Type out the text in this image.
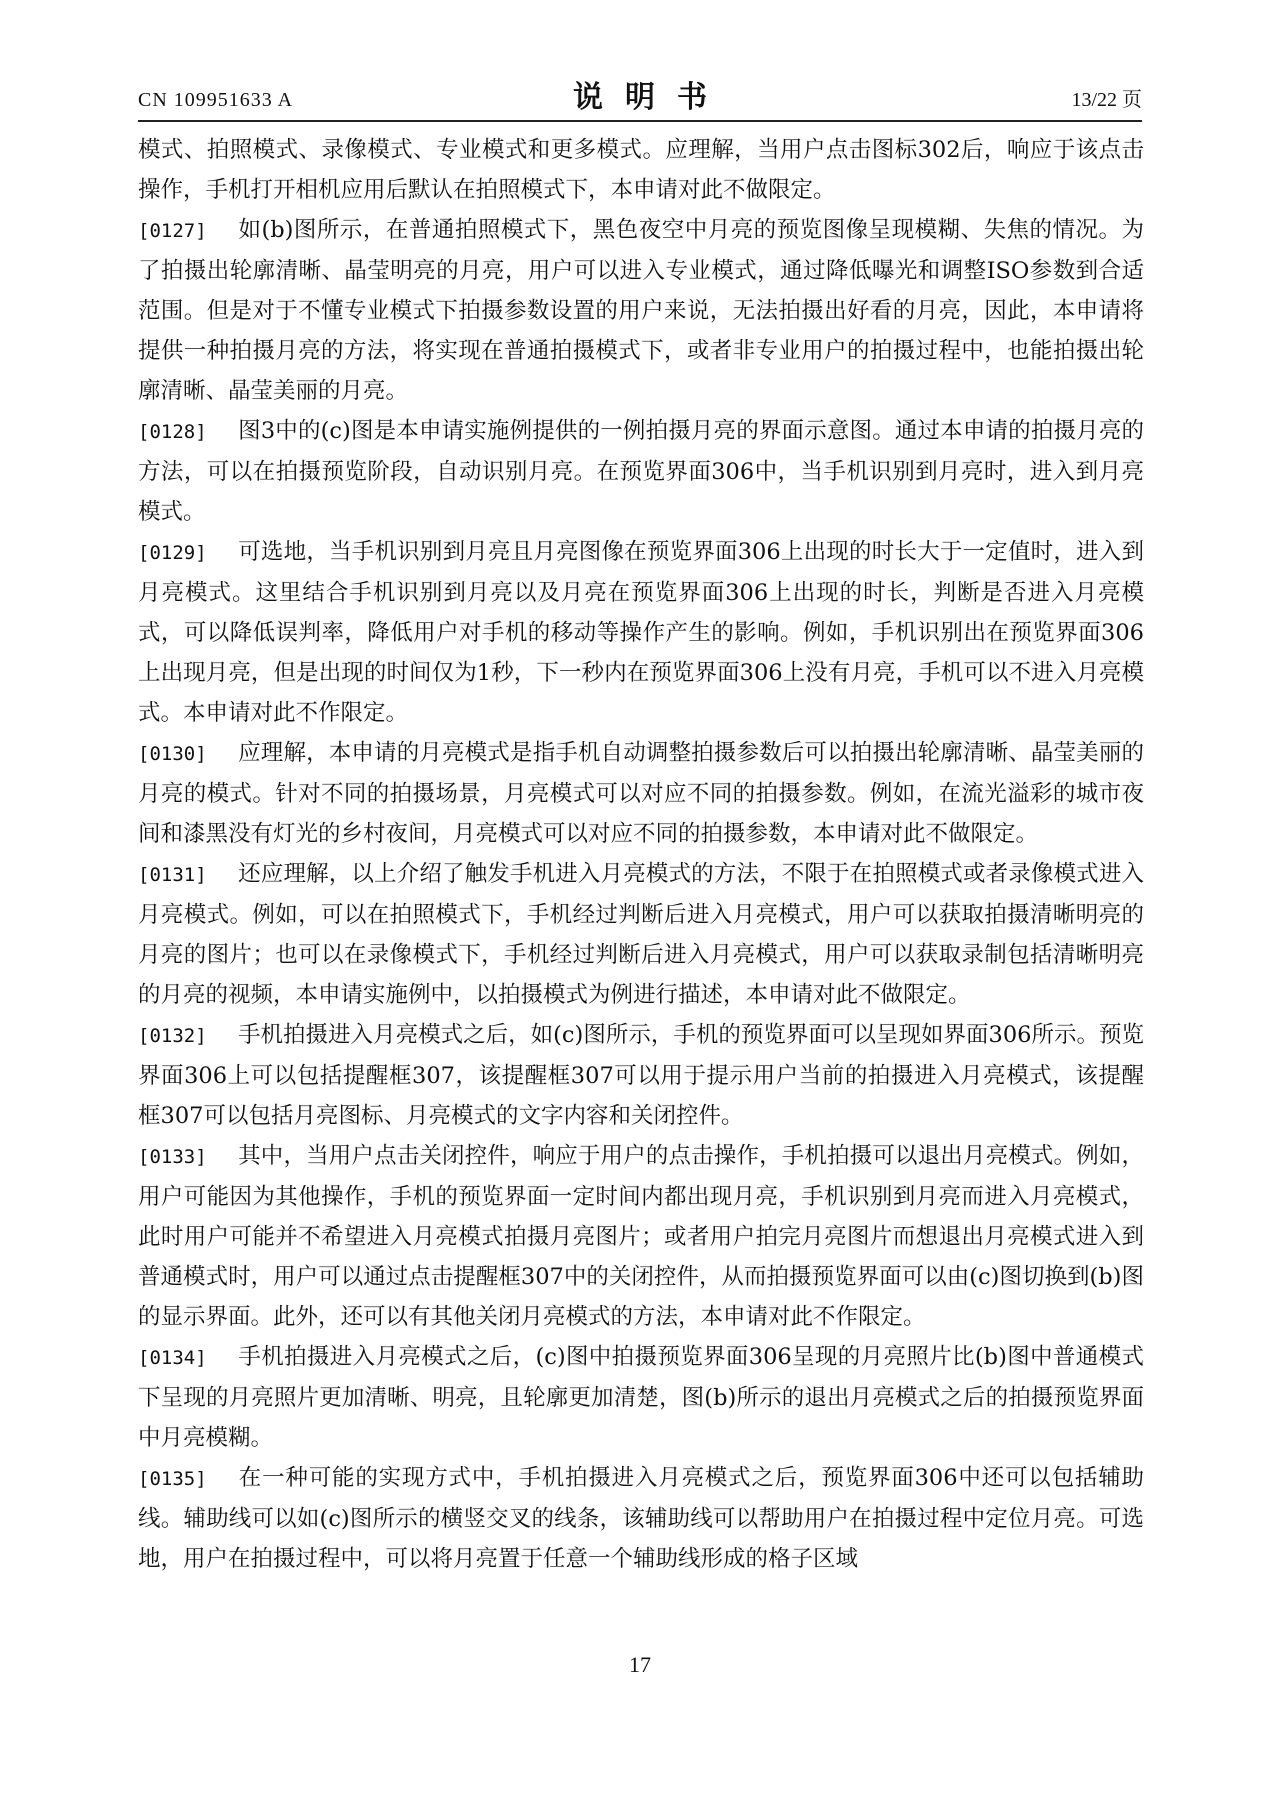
CN 109951633 A	说明书	13/22 页

模式、拍照模式、录像模式、专业模式和更多模式。应理解，当用户点击图标302后，响应于该点击操作，手机打开相机应用后默认在拍照模式下，本申请对此不做限定。

[0127] 如(b)图所示，在普通拍照模式下，黑色夜空中月亮的预览图像呈现模糊、失焦的情况。为了拍摄出轮廓清晰、晶莹明亮的月亮，用户可以进入专业模式，通过降低曝光和调整ISO参数到合适范围。但是对于不懂专业模式下拍摄参数设置的用户来说，无法拍摄出好看的月亮，因此，本申请将提供一种拍摄月亮的方法，将实现在普通拍摄模式下，或者非专业用户的拍摄过程中，也能拍摄出轮廓清晰、晶莹美丽的月亮。

[0128] 图3中的(c)图是本申请实施例提供的一例拍摄月亮的界面示意图。通过本申请的拍摄月亮的方法，可以在拍摄预览阶段，自动识别月亮。在预览界面306中，当手机识别到月亮时，进入到月亮模式。

[0129] 可选地，当手机识别到月亮且月亮图像在预览界面306上出现的时长大于一定值时，进入到月亮模式。这里结合手机识别到月亮以及月亮在预览界面306上出现的时长，判断是否进入月亮模式，可以降低误判率，降低用户对手机的移动等操作产生的影响。例如，手机识别出在预览界面306上出现月亮，但是出现的时间仅为1秒，下一秒内在预览界面306上没有月亮，手机可以不进入月亮模式。本申请对此不作限定。

[0130] 应理解，本申请的月亮模式是指手机自动调整拍摄参数后可以拍摄出轮廓清晰、晶莹美丽的月亮的模式。针对不同的拍摄场景，月亮模式可以对应不同的拍摄参数。例如，在流光溢彩的城市夜间和漆黑没有灯光的乡村夜间，月亮模式可以对应不同的拍摄参数，本申请对此不做限定。

[0131] 还应理解，以上介绍了触发手机进入月亮模式的方法，不限于在拍照模式或者录像模式进入月亮模式。例如，可以在拍照模式下，手机经过判断后进入月亮模式，用户可以获取拍摄清晰明亮的月亮的图片；也可以在录像模式下，手机经过判断后进入月亮模式，用户可以获取录制包括清晰明亮的月亮的视频，本申请实施例中，以拍摄模式为例进行描述，本申请对此不做限定。

[0132] 手机拍摄进入月亮模式之后，如(c)图所示，手机的预览界面可以呈现如界面306所示。预览界面306上可以包括提醒框307，该提醒框307可以用于提示用户当前的拍摄进入月亮模式，该提醒框307可以包括月亮图标、月亮模式的文字内容和关闭控件。

[0133] 其中，当用户点击关闭控件，响应于用户的点击操作，手机拍摄可以退出月亮模式。例如，用户可能因为其他操作，手机的预览界面一定时间内都出现月亮，手机识别到月亮而进入月亮模式，此时用户可能并不希望进入月亮模式拍摄月亮图片；或者用户拍完月亮图片而想退出月亮模式进入到普通模式时，用户可以通过点击提醒框307中的关闭控件，从而拍摄预览界面可以由(c)图切换到(b)图的显示界面。此外，还可以有其他关闭月亮模式的方法，本申请对此不作限定。

[0134] 手机拍摄进入月亮模式之后，(c)图中拍摄预览界面306呈现的月亮照片比(b)图中普通模式下呈现的月亮照片更加清晰、明亮，且轮廓更加清楚，图(b)所示的退出月亮模式之后的拍摄预览界面中月亮模糊。

[0135] 在一种可能的实现方式中，手机拍摄进入月亮模式之后，预览界面306中还可以包括辅助线。辅助线可以如(c)图所示的横竖交叉的线条，该辅助线可以帮助用户在拍摄过程中定位月亮。可选地，用户在拍摄过程中，可以将月亮置于任意一个辅助线形成的格子区域

17
